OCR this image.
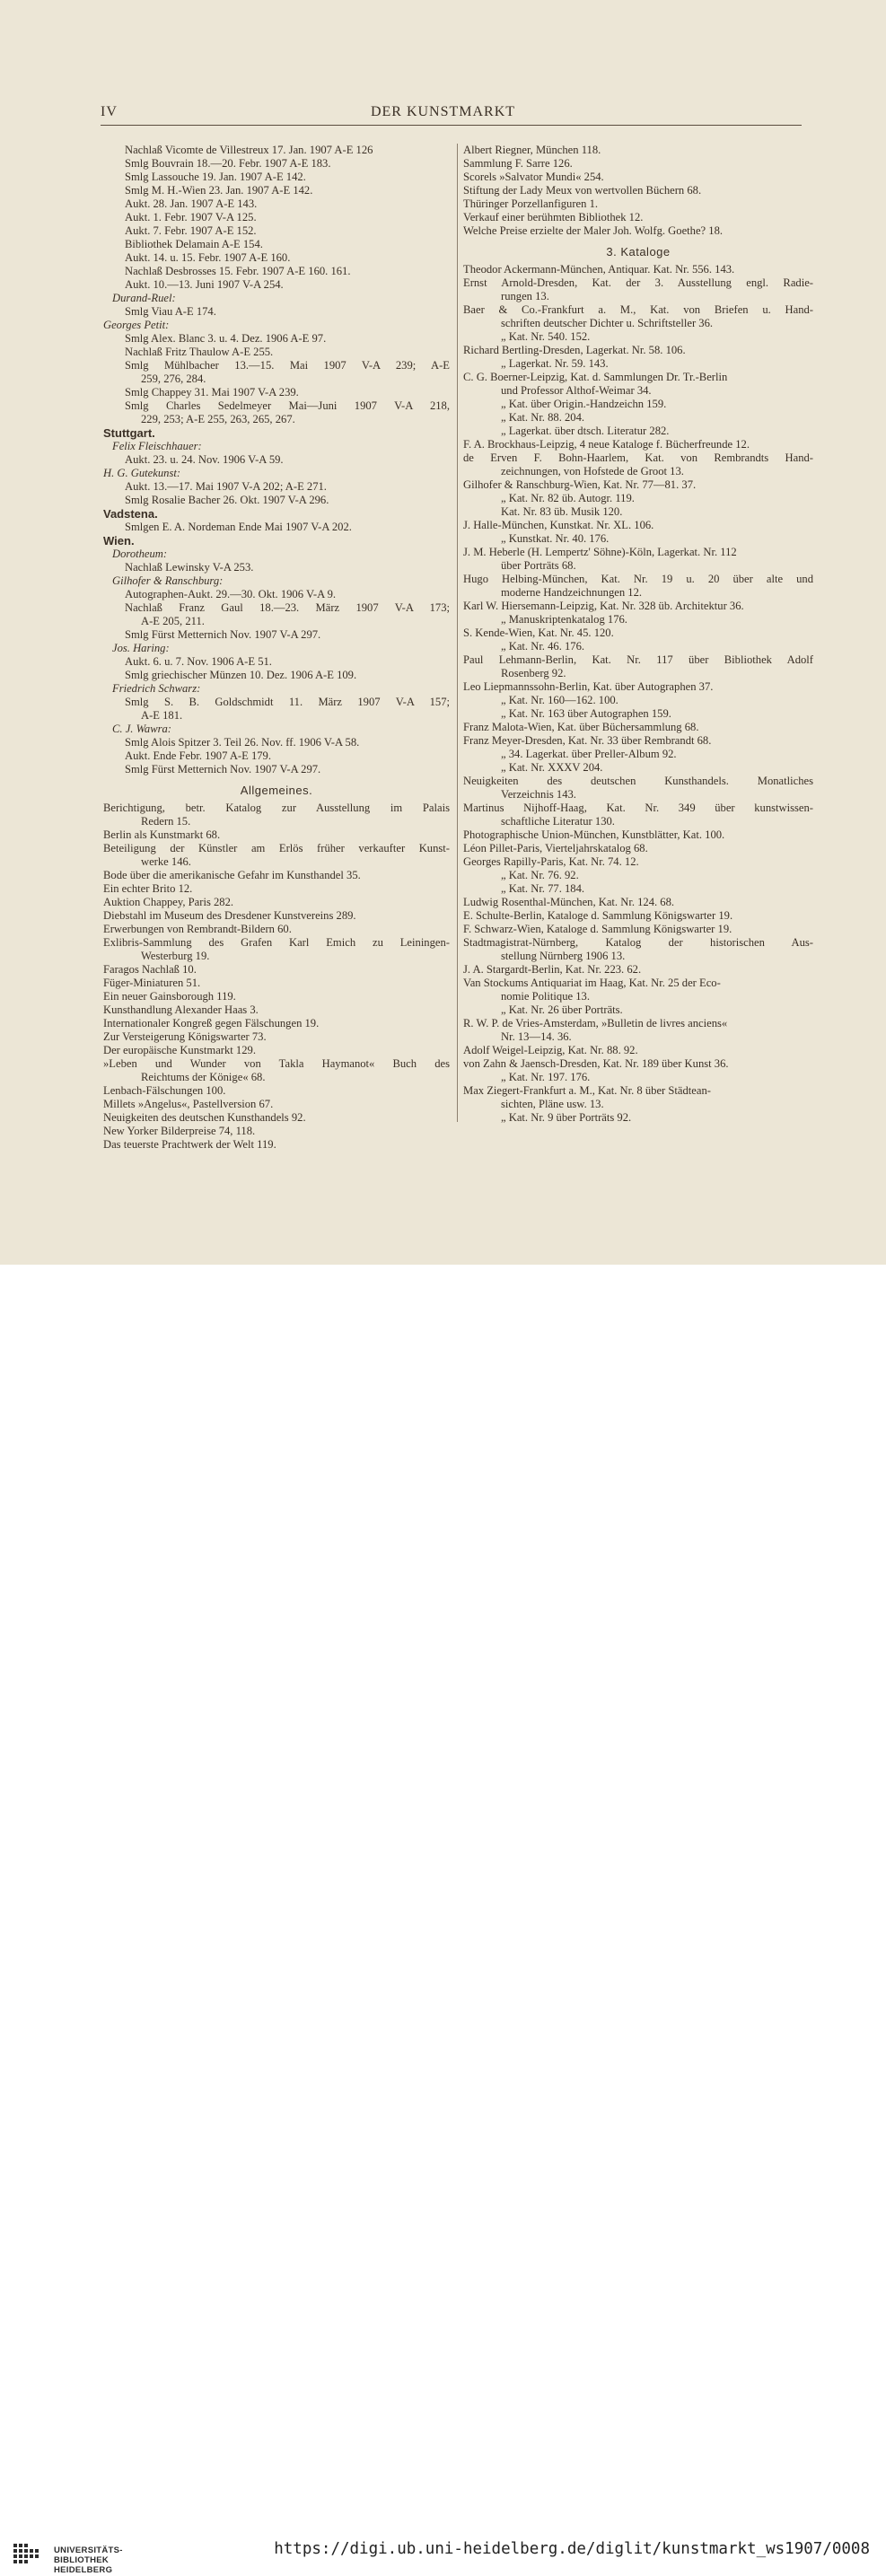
IV	DER KUNSTMARKT
Nachlaß Vicomte de Villestreux 17. Jan. 1907 A-E 126
Smlg Bouvrain 18.—20. Febr. 1907 A-E 183.
Smlg Lassouche 19. Jan. 1907 A-E 142.
Smlg M. H.-Wien 23. Jan. 1907 A-E 142.
Aukt. 28. Jan. 1907 A-E 143.
Aukt. 1. Febr. 1907 V-A 125.
Aukt. 7. Febr. 1907 A-E 152.
Bibliothek Delamain A-E 154.
Aukt. 14. u. 15. Febr. 1907 A-E 160.
Nachlaß Desbrosses 15. Febr. 1907 A-E 160. 161.
Aukt. 10.—13. Juni 1907 V-A 254.
Durand-Ruel:
Smlg Viau A-E 174.
Georges Petit:
Smlg Alex. Blanc 3. u. 4. Dez. 1906 A-E 97.
Nachlaß Fritz Thaulow A-E 255.
Smlg Mühlbacher 13.—15. Mai 1907 V-A 239; A-E
259, 276, 284.
Smlg Chappey 31. Mai 1907 V-A 239.
Smlg Charles Sedelmeyer Mai—Juni 1907 V-A 218,
229, 253; A-E 255, 263, 265, 267.
Stuttgart.
Felix Fleischhauer:
Aukt. 23. u. 24. Nov. 1906 V-A 59.
H. G. Gutekunst:
Aukt. 13.—17. Mai 1907 V-A 202; A-E 271.
Smlg Rosalie Bacher 26. Okt. 1907 V-A 296.
Vadstena.
Smlgen E. A. Nordeman Ende Mai 1907 V-A 202.
Wien.
Dorotheum:
Nachlaß Lewinsky V-A 253.
Gilhofer & Ranschburg:
Autographen-Aukt. 29.—30. Okt. 1906 V-A 9.
Nachlaß Franz Gaul 18.—23. März 1907 V-A 173;
A-E 205, 211.
Smlg Fürst Metternich Nov. 1907 V-A 297.
Jos. Haring:
Aukt. 6. u. 7. Nov. 1906 A-E 51.
Smlg griechischer Münzen 10. Dez. 1906 A-E 109.
Friedrich Schwarz:
Smlg S. B. Goldschmidt 11. März 1907 V-A 157;
A-E 181.
C. J. Wawra:
Smlg Alois Spitzer 3. Teil 26. Nov. ff. 1906 V-A 58.
Aukt. Ende Febr. 1907 A-E 179.
Smlg Fürst Metternich Nov. 1907 V-A 297.
Allgemeines.
Berichtigung, betr. Katalog zur Ausstellung im Palais
Redern 15.
Berlin als Kunstmarkt 68.
Beteiligung der Künstler am Erlös früher verkaufter Kunst-
werke 146.
Bode über die amerikanische Gefahr im Kunsthandel 35.
Ein echter Brito 12.
Auktion Chappey, Paris 282.
Diebstahl im Museum des Dresdener Kunstvereins 289.
Erwerbungen von Rembrandt-Bildern 60.
Exlibris-Sammlung des Grafen Karl Emich zu Leiningen-
Westerburg 19.
Faragos Nachlaß 10.
Füger-Miniaturen 51.
Ein neuer Gainsborough 119.
Kunsthandlung Alexander Haas 3.
Internationaler Kongreß gegen Fälschungen 19.
Zur Versteigerung Königswarter 73.
Der europäische Kunstmarkt 129.
»Leben und Wunder von Takla Haymanot« Buch des
Reichtums der Könige« 68.
Lenbach-Fälschungen 100.
Millets »Angelus«, Pastellversion 67.
Neuigkeiten des deutschen Kunsthandels 92.
New Yorker Bilderpreise 74, 118.
Das teuerste Prachtwerk der Welt 119.
Albert Riegner, München 118.
Sammlung F. Sarre 126.
Scorels »Salvator Mundi« 254.
Stiftung der Lady Meux von wertvollen Büchern 68.
Thüringer Porzellanfiguren 1.
Verkauf einer berühmten Bibliothek 12.
Welche Preise erzielte der Maler Joh. Wolfg. Goethe? 18.
3. Kataloge
Theodor Ackermann-München, Antiquar. Kat. Nr. 556. 143.
Ernst Arnold-Dresden, Kat. der 3. Ausstellung engl. Radie-
rungen 13.
Baer & Co.-Frankfurt a. M., Kat. von Briefen u. Hand-
schriften deutscher Dichter u. Schriftsteller 36.
„ Kat. Nr. 540. 152.
Richard Bertling-Dresden, Lagerkat. Nr. 58. 106.
„ Lagerkat. Nr. 59. 143.
C. G. Boerner-Leipzig, Kat. d. Sammlungen Dr. Tr.-Berlin
und Professor Althof-Weimar 34.
„ Kat. über Origin.-Handzeichn 159.
„ Kat. Nr. 88. 204.
„ Lagerkat. über dtsch. Literatur 282.
F. A. Brockhaus-Leipzig, 4 neue Kataloge f. Bücherfreunde 12.
de Erven F. Bohn-Haarlem, Kat. von Rembrandts Hand-
zeichnungen, von Hofstede de Groot 13.
Gilhofer & Ranschburg-Wien, Kat. Nr. 77—81. 37.
„ Kat. Nr. 82 üb. Autogr. 119.
Kat. Nr. 83 üb. Musik 120.
J. Halle-München, Kunstkat. Nr. XL. 106.
„ Kunstkat. Nr. 40. 176.
J. M. Heberle (H. Lempertz' Söhne)-Köln, Lagerkat. Nr. 112
über Porträts 68.
Hugo Helbing-München, Kat. Nr. 19 u. 20 über alte und
moderne Handzeichnungen 12.
Karl W. Hiersemann-Leipzig, Kat. Nr. 328 üb. Architektur 36.
„ Manuskriptenkatalog 176.
S. Kende-Wien, Kat. Nr. 45. 120.
„ Kat. Nr. 46. 176.
Paul Lehmann-Berlin, Kat. Nr. 117 über Bibliothek Adolf
Rosenberg 92.
Leo Liepmannssohn-Berlin, Kat. über Autographen 37.
„ Kat. Nr. 160—162. 100.
„ Kat. Nr. 163 über Autographen 159.
Franz Malota-Wien, Kat. über Büchersammlung 68.
Franz Meyer-Dresden, Kat. Nr. 33 über Rembrandt 68.
„ 34. Lagerkat. über Preller-Album 92.
„ Kat. Nr. XXXV 204.
Neuigkeiten des deutschen Kunsthandels. Monatliches
Verzeichnis 143.
Martinus Nijhoff-Haag, Kat. Nr. 349 über kunstwissen-
schaftliche Literatur 130.
Photographische Union-München, Kunstblätter, Kat. 100.
Léon Pillet-Paris, Vierteljahrskatalog 68.
Georges Rapilly-Paris, Kat. Nr. 74. 12.
„ Kat. Nr. 76. 92.
„ Kat. Nr. 77. 184.
Ludwig Rosenthal-München, Kat. Nr. 124. 68.
E. Schulte-Berlin, Kataloge d. Sammlung Königswarter 19.
F. Schwarz-Wien, Kataloge d. Sammlung Königswarter 19.
Stadtmagistrat-Nürnberg, Katalog der historischen Aus-
stellung Nürnberg 1906 13.
J. A. Stargardt-Berlin, Kat. Nr. 223. 62.
Van Stockums Antiquariat im Haag, Kat. Nr. 25 der Eco-
nomie Politique 13.
„ Kat. Nr. 26 über Porträts.
R. W. P. de Vries-Amsterdam, »Bulletin de livres anciens«
Nr. 13—14. 36.
Adolf Weigel-Leipzig, Kat. Nr. 88. 92.
von Zahn & Jaensch-Dresden, Kat. Nr. 189 über Kunst 36.
„ Kat. Nr. 197. 176.
Max Ziegert-Frankfurt a. M., Kat. Nr. 8 über Städtean-
sichten, Pläne usw. 13.
„ Kat. Nr. 9 über Porträts 92.
UNIVERSITÄTS-
BIBLIOTHEK
HEIDELBERG
https://digi.ub.uni-heidelberg.de/diglit/kunstmarkt_ws1907/0008
